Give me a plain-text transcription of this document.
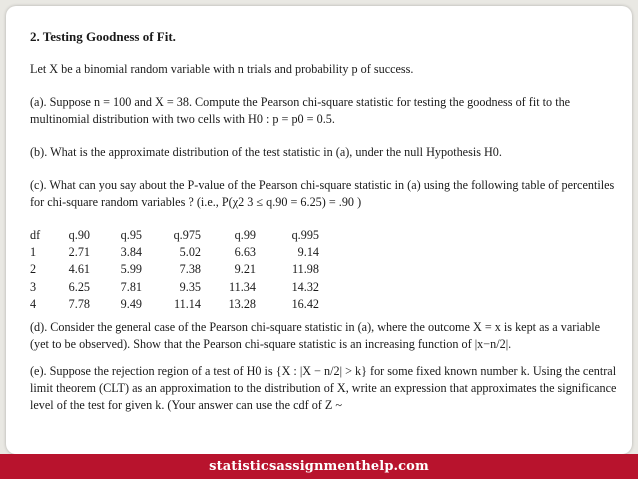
2. Testing Goodness of Fit.

Let X be a binomial random variable with n trials and probability p of success.

(a). Suppose n = 100 and X = 38. Compute the Pearson chi-square statistic for testing the goodness of fit to the multinomial distribution with two cells with H0 : p = p0 = 0.5.

(b). What is the approximate distribution of the test statistic in (a), under the null Hypothesis H0.

(c). What can you say about the P-value of the Pearson chi-square statistic in (a) using the following table of percentiles for chi-square random variables ? (i.e., P(χ2 3 ≤ q.90 = 6.25) = .90 )

df	q.90	q.95	q.975	q.99	q.995
1	2.71	3.84	5.02	6.63	9.14
2	4.61	5.99	7.38	9.21	11.98
3	6.25	7.81	9.35	11.34	14.32
4	7.78	9.49	11.14	13.28	16.42

(d). Consider the general case of the Pearson chi-square statistic in (a), where the outcome X = x is kept as a variable (yet to be observed). Show that the Pearson chi-square statistic is an increasing function of |x−n/2|.

(e). Suppose the rejection region of a test of H0 is {X : |X − n/2| > k} for some fixed known number k. Using the central limit theorem (CLT) as an approximation to the distribution of X, write an expression that approximates the significance level of the test for given k. (Your answer can use the cdf of Z ~

statisticsassignmenthelp.com
